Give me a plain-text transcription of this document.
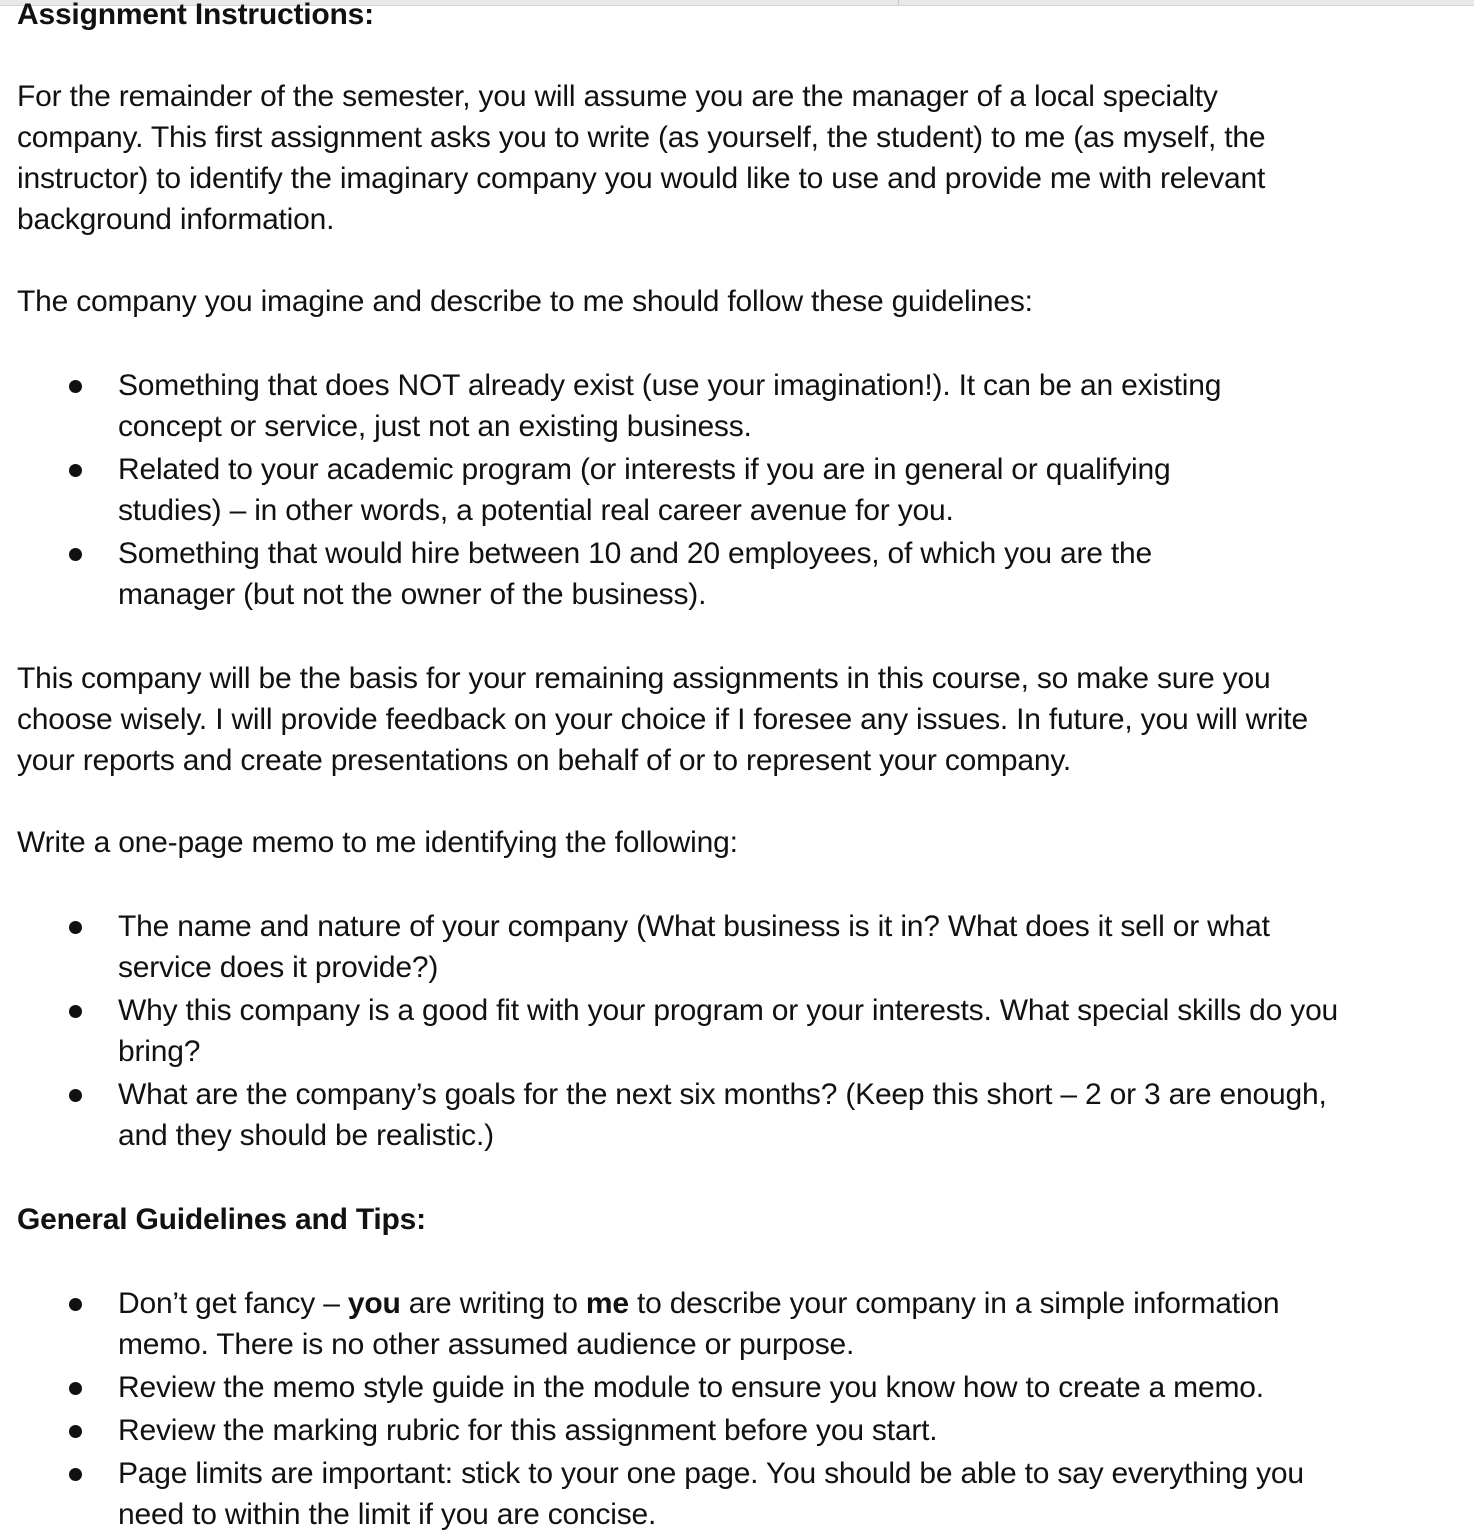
Assignment Instructions:

For the remainder of the semester, you will assume you are the manager of a local specialty company. This first assignment asks you to write (as yourself, the student) to me (as myself, the instructor) to identify the imaginary company you would like to use and provide me with relevant background information.

The company you imagine and describe to me should follow these guidelines:

Something that does NOT already exist (use your imagination!). It can be an existing concept or service, just not an existing business.
Related to your academic program (or interests if you are in general or qualifying studies) – in other words, a potential real career avenue for you.
Something that would hire between 10 and 20 employees, of which you are the manager (but not the owner of the business).

This company will be the basis for your remaining assignments in this course, so make sure you choose wisely. I will provide feedback on your choice if I foresee any issues. In future, you will write your reports and create presentations on behalf of or to represent your company.

Write a one-page memo to me identifying the following:

The name and nature of your company (What business is it in? What does it sell or what service does it provide?)
Why this company is a good fit with your program or your interests. What special skills do you bring?
What are the company’s goals for the next six months? (Keep this short – 2 or 3 are enough, and they should be realistic.)

General Guidelines and Tips:

Don’t get fancy – you are writing to me to describe your company in a simple information memo. There is no other assumed audience or purpose.
Review the memo style guide in the module to ensure you know how to create a memo.
Review the marking rubric for this assignment before you start.
Page limits are important: stick to your one page. You should be able to say everything you need to within the limit if you are concise.
